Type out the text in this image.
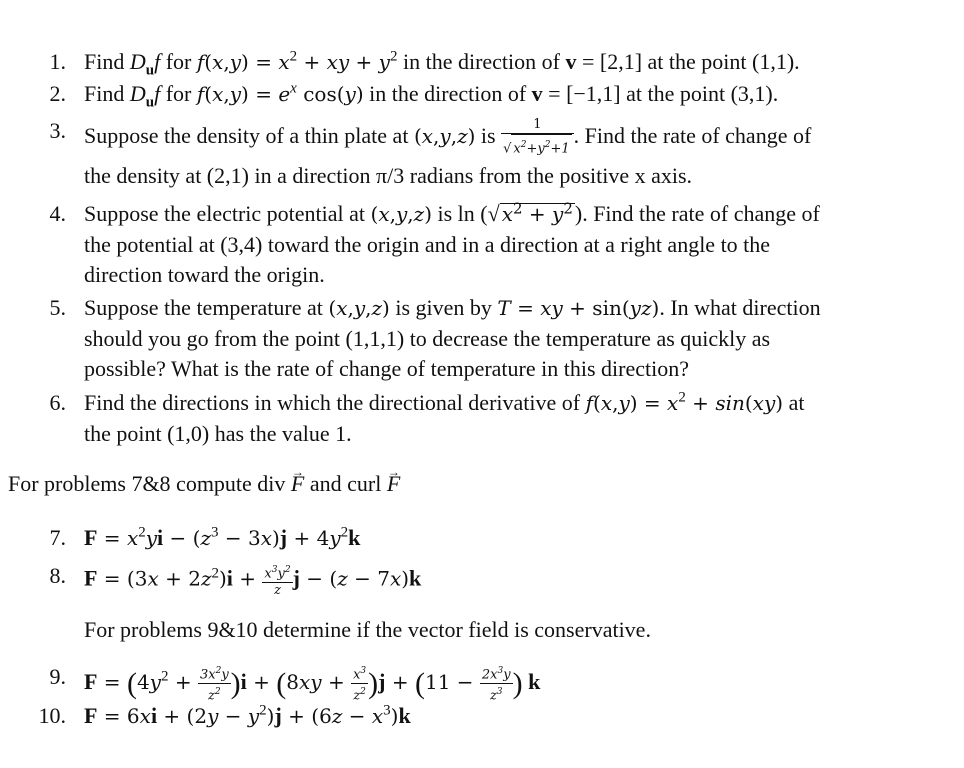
1. Find $D_uf$ for $f(x,y) = x^2$ + xy + $y^2$ in the direction of v = [2,1] at the point (1,1).
2. Find $D_uf$ for $f(x,y) = e^x$ cos(y) in the direction of v = [−1,1] at the point (3,1).
3. Suppose the density of a thin plate at (x,y,z) is $\frac{1}{√ x^2+y^2+1}$ . Find the rate of change of
the density at (2,1) in a direction π/3 radians from the positive x axis.
4. Suppose the electric potential at (x,y,z) is ln (√ $x^2 + y^2$). Find the rate of change of
the potential at (3,4) toward the origin and in a direction at a right angle to the
direction toward the origin.
5. Suppose the temperature at (x,y,z) is given by T = xy + sin(yz). In what direction
should you go from the point (1,1,1) to decrease the temperature as quickly as
possible? What is the rate of change of temperature in this direction?
6. Find the directions in which the directional derivative of $f(x,y) = x^2 + \sin(xy)$ at
the point (1,0) has the value 1.
For problems 7&8 compute div → F and curl → F
7. $F = x^2yi - (z^3 - 3x)j + 4y^2k$
8. $F = (3x + 2z^2)i + \frac{x^3y^2}{z}$ j − (z − 7x)k
For problems 9&10 determine if the vector field is conservative.
9. $F = (4y^2 + \frac{3x^2y}{z^2} )i + (8xy + \frac{x^3}{z^2} )j + (11 - \frac{2x^3y}{z^3}$ ) k
10. $F = 6xi + (2y - y^2)j + (6z - x^3)k$
